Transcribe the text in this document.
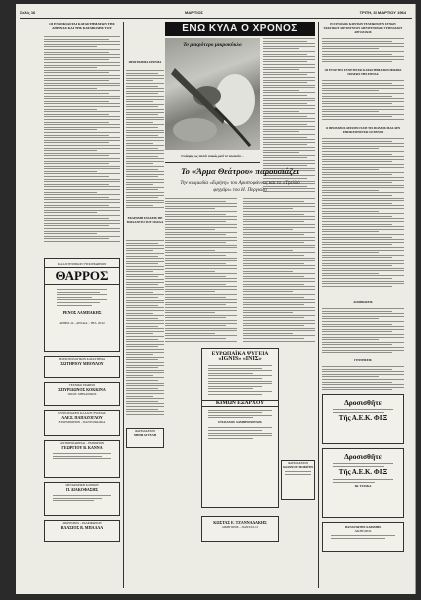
Σελίς 16	ΜΑΡΤΙΟΣ	ΤΡΙΤΗ, 3Ι ΜΑΡΤΙΟΥ 1964
ΟΙ ΕΝΟΙΚΙΑΣΤΑΙ ΚΑΤΑΣΤΗΜΑΤΩΝ ΤΗΣ ΑΘΗΝΑΣ ΚΑΙ ΤΗΣ ΚΑΤΑΒΟΛΗΣ ΤΟΥ
ΚΑΛΛΙΤΕΧΝΙΚΟΝ ΤΥΠΟΓΡΑΦΕΙΟΝ
ΘΑΡΡΟΣ
ΡΕΝΟΣ ΛΑΜΠΑΚΗΣ
ΑΡΙΘΜ. 24 – ΑΡΧΑΙΑ – ΤΗΛ. 26.02
ΗΛΕΚΤΡΟΛΟΓΙΚΟΝ ΚΑΤΑΣΤΗΜΑ
ΣΩΤΗΡΙΟΥ ΜΠΟΥΛΟΥ
ΤΕΧΝΙΚΟ ΓΡΑΦΕΙΟ
ΣΠΥΡΙΔΩΝΟΣ ΚΟΚΚΙΝΑ
ΠΟΛΙΤ. ΜΗΧΑΝΙΚΟΣ
ΣΥΝΕΔΡΙΑΣΕΙΣ ΚΛΑΔΟΥ ΞΥΛΕΙΑΣ
ΑΛΕΞ. ΠΑΠΑΖΟΓΛΟΥ
ΞΥΛΕΜΠΟΡΙΟΝ – ΠΑΝΤΟΠΩΛΙΚΑ
ΑΝΤΙΠΡΟΣΩΠΕΙΑΙ – ΕΜΠΟΡΙΟΝ
ΓΕΩΡΓΙΟΥ Β. ΚΑΝΝΑ
ΜΕΤΑΦΟΡΙΚΗ ΚΛΙΝΙΚΗ
Π. ΔΙΑΚΟΦΑΣΗΣ
ΔΙΚΗΓΟΡΟΣ – ΡΑΔΙΟΦΩΝΟΝ
ΒΛΑΣΙΟΣ Β. ΜΠΑΛΛΑ
ΠΡΟΓΡΑΜΜΑ ΣΙΝΕΜΑ
ΕΚΔΡΟΜΗ ΣΤΑΣΕΙΣ ΜΕ ΜΠΑΛΛΕΤΟ ΤΟΥ ΠΑΣΧΑ
ΦΑΡΜΑΚΕΙΟΝ
ΝΗΘΗ ΑΓΓΕΛΗ
ΕΝΩ ΚΥΛΑ Ο ΧΡΟΝΟΣ
Το μικρότερο μικροκύκλο
Ο κόσμος ως ταυτόν τελικώς μετά τα τελευταία ...
Το «Άρμα Θεάτρου» παρουσιάζει
Την κωμωδία «Ειρήνη» του Αριστοφάνους και το «Τρελλό φεγγάρι» του Η. Περγιαλη
ΕΥΡΩΠΑΪΚΑ ΨΥΓΕΙΑ
«IGNIS» «ΙΝΙΣ»
ΚΙΜΩΝ ΕΞΑΡΧΟΥ
ΣΤΙΛΙΑΝΟΣ ΛΑΜΠΡΟΠΟΥΛΟΣ
ΚΩΣΤΑΣ Ε. ΤΖΑΝΝΑΔΑΚΗΣ
ΔΙΚΗΓΟΡΟΣ – ΠΑΝ/ΣΤΑ 12
ΦΑΡΜΑΚΕΙΟΝ
ΙΩΑΝΝΟΥ ΜΟΡΑΪΤΗ
Η ΣΥΝΟΔΟΣ ΚΛΕΙΤΩΝ ΤΕΛΕΙΩΝΟΥΝ ΣΥΝΩΝ ΤΑΚΤΙΚΟΥ ΔΙΕΥΘΥΝΤΟΥ ΔΙΕΥΘΥΝΣΕΩΣ ΓΥΜΝΑΣΙΟΥ ΑΡΓΟΛΙΔΟΣ
ΟΙ ΕΥΧΕΤΕΣ ΣΥΝΕΤΙΣΤΑΙ ΚΑΤΑΣΤΗΜΑΤΩΝ ΜΙΚΡΑΣ ΠΟΛΕΩΣ ΤΗΣ ΕΘΝΑΣ
Ο ΠΡΟΕΔΡΟΣ ΔΕΙΧΝΕΙ ΓΙΑΤΙ ΤΙΣ ΠΟΛΕΙΣ ΜΑΣ ΔΕΝ ΕΠΙΣΚΕΠΤΟΝΤΑΙ ΟΙ ΞΕΝΟΙ
ΑΠΟΒΙΩΣΕΙΣ
ΓΕΝΝΗΣΕΙΣ
Δροσισθῆτε
Τῆς Α.Ε.Κ. ΦΙΞ
Δροσισθῆτε
Τῆς Α.Ε.Κ. ΦΙΞ
ΙΩ. ΤΣΙΛΚΑ
ΠΑΝΑΓΙΩΤΗΣ ΧΑΡΑΜΗΣ
ΔΙΚΗΓΟΡΟΣ
